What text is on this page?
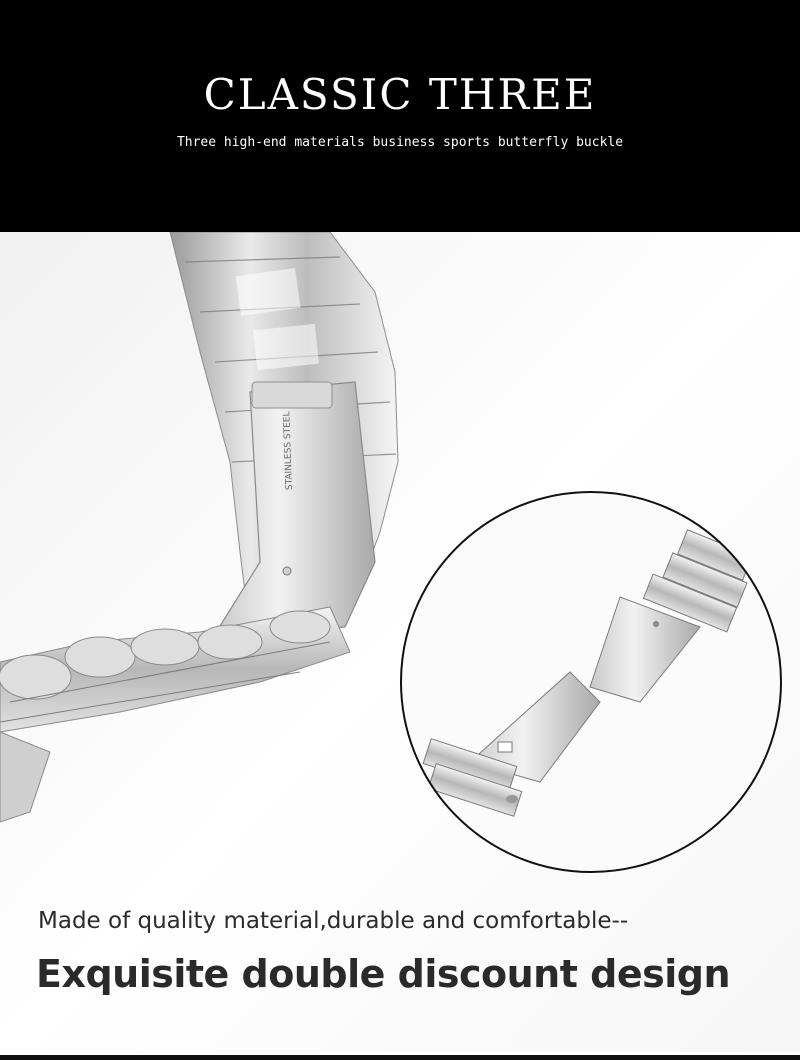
CLASSIC THREE
Three high-end materials business sports butterfly buckle
STAINLESS STEEL
Made of quality material,durable and comfortable--
Exquisite double discount design
